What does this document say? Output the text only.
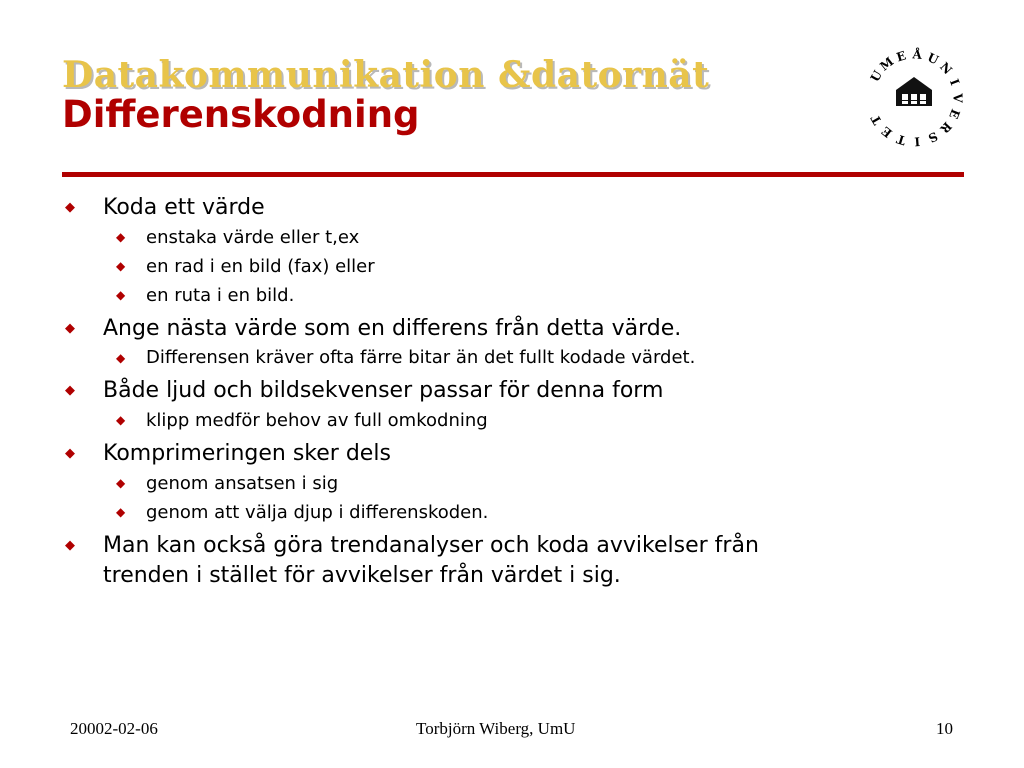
Datakommunikation &datornät
Differenskodning
U
M
E Å U
N
I
V
E
R
S
I
T
E
T
◆ Koda ett värde
◆ enstaka värde eller t,ex
◆ en rad i en bild (fax) eller
◆ en ruta i en bild.
◆ Ange nästa värde som en differens från detta värde.
◆ Differensen kräver ofta färre bitar än det fullt kodade värdet.
◆ Både ljud och bildsekvenser passar för denna form
◆ klipp medför behov av full omkodning
◆ Komprimeringen sker dels
◆ genom ansatsen i sig
◆ genom att välja djup i differenskoden.
◆ Man kan också göra trendanalyser och koda avvikelser från trenden i stället för avvikelser från värdet i sig.
20002-02-06	Torbjörn Wiberg, UmU	10
